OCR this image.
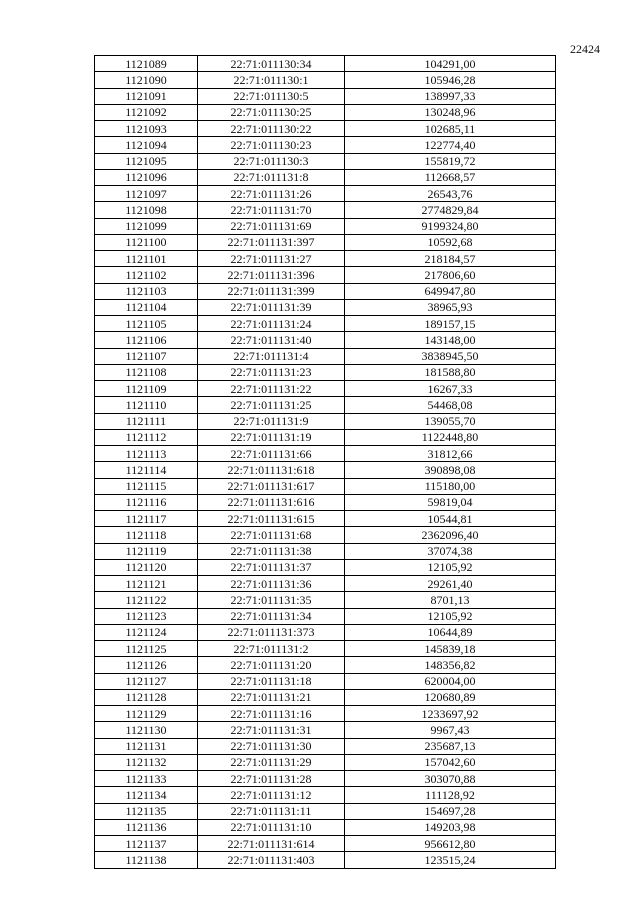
22424
1121089	22:71:011130:34	104291,00
1121090	22:71:011130:1	105946,28
1121091	22:71:011130:5	138997,33
1121092	22:71:011130:25	130248,96
1121093	22:71:011130:22	102685,11
1121094	22:71:011130:23	122774,40
1121095	22:71:011130:3	155819,72
1121096	22:71:011131:8	112668,57
1121097	22:71:011131:26	26543,76
1121098	22:71:011131:70	2774829,84
1121099	22:71:011131:69	9199324,80
1121100	22:71:011131:397	10592,68
1121101	22:71:011131:27	218184,57
1121102	22:71:011131:396	217806,60
1121103	22:71:011131:399	649947,80
1121104	22:71:011131:39	38965,93
1121105	22:71:011131:24	189157,15
1121106	22:71:011131:40	143148,00
1121107	22:71:011131:4	3838945,50
1121108	22:71:011131:23	181588,80
1121109	22:71:011131:22	16267,33
1121110	22:71:011131:25	54468,08
1121111	22:71:011131:9	139055,70
1121112	22:71:011131:19	1122448,80
1121113	22:71:011131:66	31812,66
1121114	22:71:011131:618	390898,08
1121115	22:71:011131:617	115180,00
1121116	22:71:011131:616	59819,04
1121117	22:71:011131:615	10544,81
1121118	22:71:011131:68	2362096,40
1121119	22:71:011131:38	37074,38
1121120	22:71:011131:37	12105,92
1121121	22:71:011131:36	29261,40
1121122	22:71:011131:35	8701,13
1121123	22:71:011131:34	12105,92
1121124	22:71:011131:373	10644,89
1121125	22:71:011131:2	145839,18
1121126	22:71:011131:20	148356,82
1121127	22:71:011131:18	620004,00
1121128	22:71:011131:21	120680,89
1121129	22:71:011131:16	1233697,92
1121130	22:71:011131:31	9967,43
1121131	22:71:011131:30	235687,13
1121132	22:71:011131:29	157042,60
1121133	22:71:011131:28	303070,88
1121134	22:71:011131:12	111128,92
1121135	22:71:011131:11	154697,28
1121136	22:71:011131:10	149203,98
1121137	22:71:011131:614	956612,80
1121138	22:71:011131:403	123515,24
